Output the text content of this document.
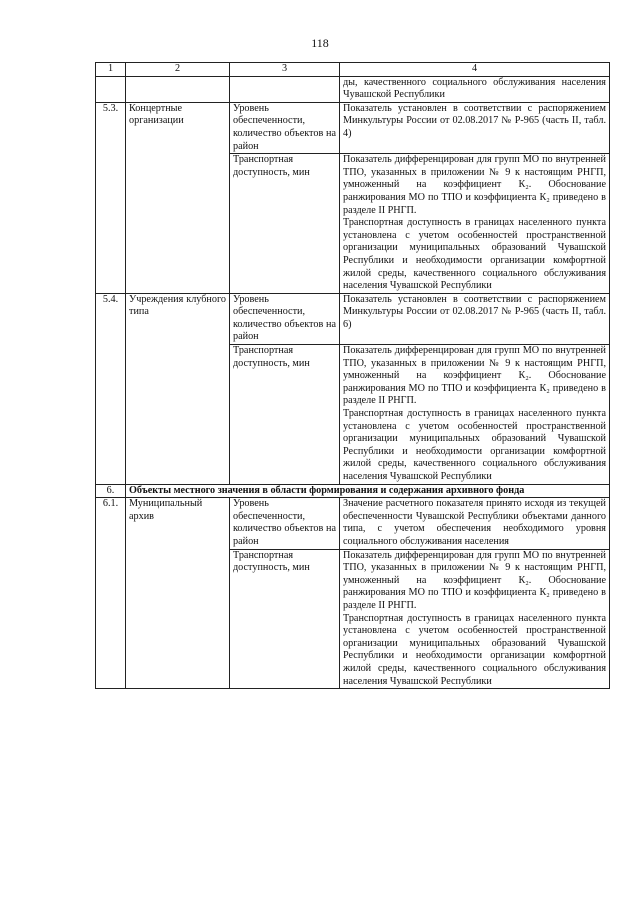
118
1	2	3	4
			ды, качественного социального обслуживания населения Чувашской Республики
5.3.	Концертные организации	Уровень обеспеченности, количество объектов на район	Показатель установлен в соответствии с распоряжением Минкультуры России от 02.08.2017 № Р-965 (часть II, табл. 4)

		Транспортная доступность, мин	Показатель дифференцирован для групп МО по внутренней ТПО, указанных в приложении № 9 к настоящим РНГП, умноженный на коэффициент К₂. Обоснование ранжирования МО по ТПО и коэффициента К₂ приведено в разделе II РНГП.
Транспортная доступность в границах населенного пункта установлена с учетом особенностей пространственной организации муниципальных образований Чувашской Республики и необходимости организации комфортной жилой среды, качественного социального обслуживания населения Чувашской Республики

5.4.	Учреждения клубного типа	Уровень обеспеченности, количество объектов на район	Показатель установлен в соответствии с распоряжением Минкультуры России от 02.08.2017 № Р-965 (часть II, табл. 6)

		Транспортная доступность, мин	Показатель дифференцирован для групп МО по внутренней ТПО, указанных в приложении № 9 к настоящим РНГП, умноженный на коэффициент К₂. Обоснование ранжирования МО по ТПО и коэффициента К₂ приведено в разделе II РНГП.
Транспортная доступность в границах населенного пункта установлена с учетом особенностей пространственной организации муниципальных образований Чувашской Республики и необходимости организации комфортной жилой среды, качественного социального обслуживания населения Чувашской Республики

6.	Объекты местного значения в области формирования и содержания архивного фонда		
6.1.	Муниципальный архив	Уровень обеспеченности, количество объектов на район	Значение расчетного показателя принято исходя из текущей обеспеченности Чувашской Республики объектами данного типа, с учетом обеспечения необходимого уровня социального обслуживания населения

		Транспортная доступность, мин	Показатель дифференцирован для групп МО по внутренней ТПО, указанных в приложении № 9 к настоящим РНГП, умноженный на коэффициент К₂. Обоснование ранжирования МО по ТПО и коэффициента К₂ приведено в разделе II РНГП.
Транспортная доступность в границах населенного пункта установлена с учетом особенностей пространственной организации муниципальных образований Чувашской Республики и необходимости организации комфортной жилой среды, качественного социального обслуживания населения Чувашской Республики
